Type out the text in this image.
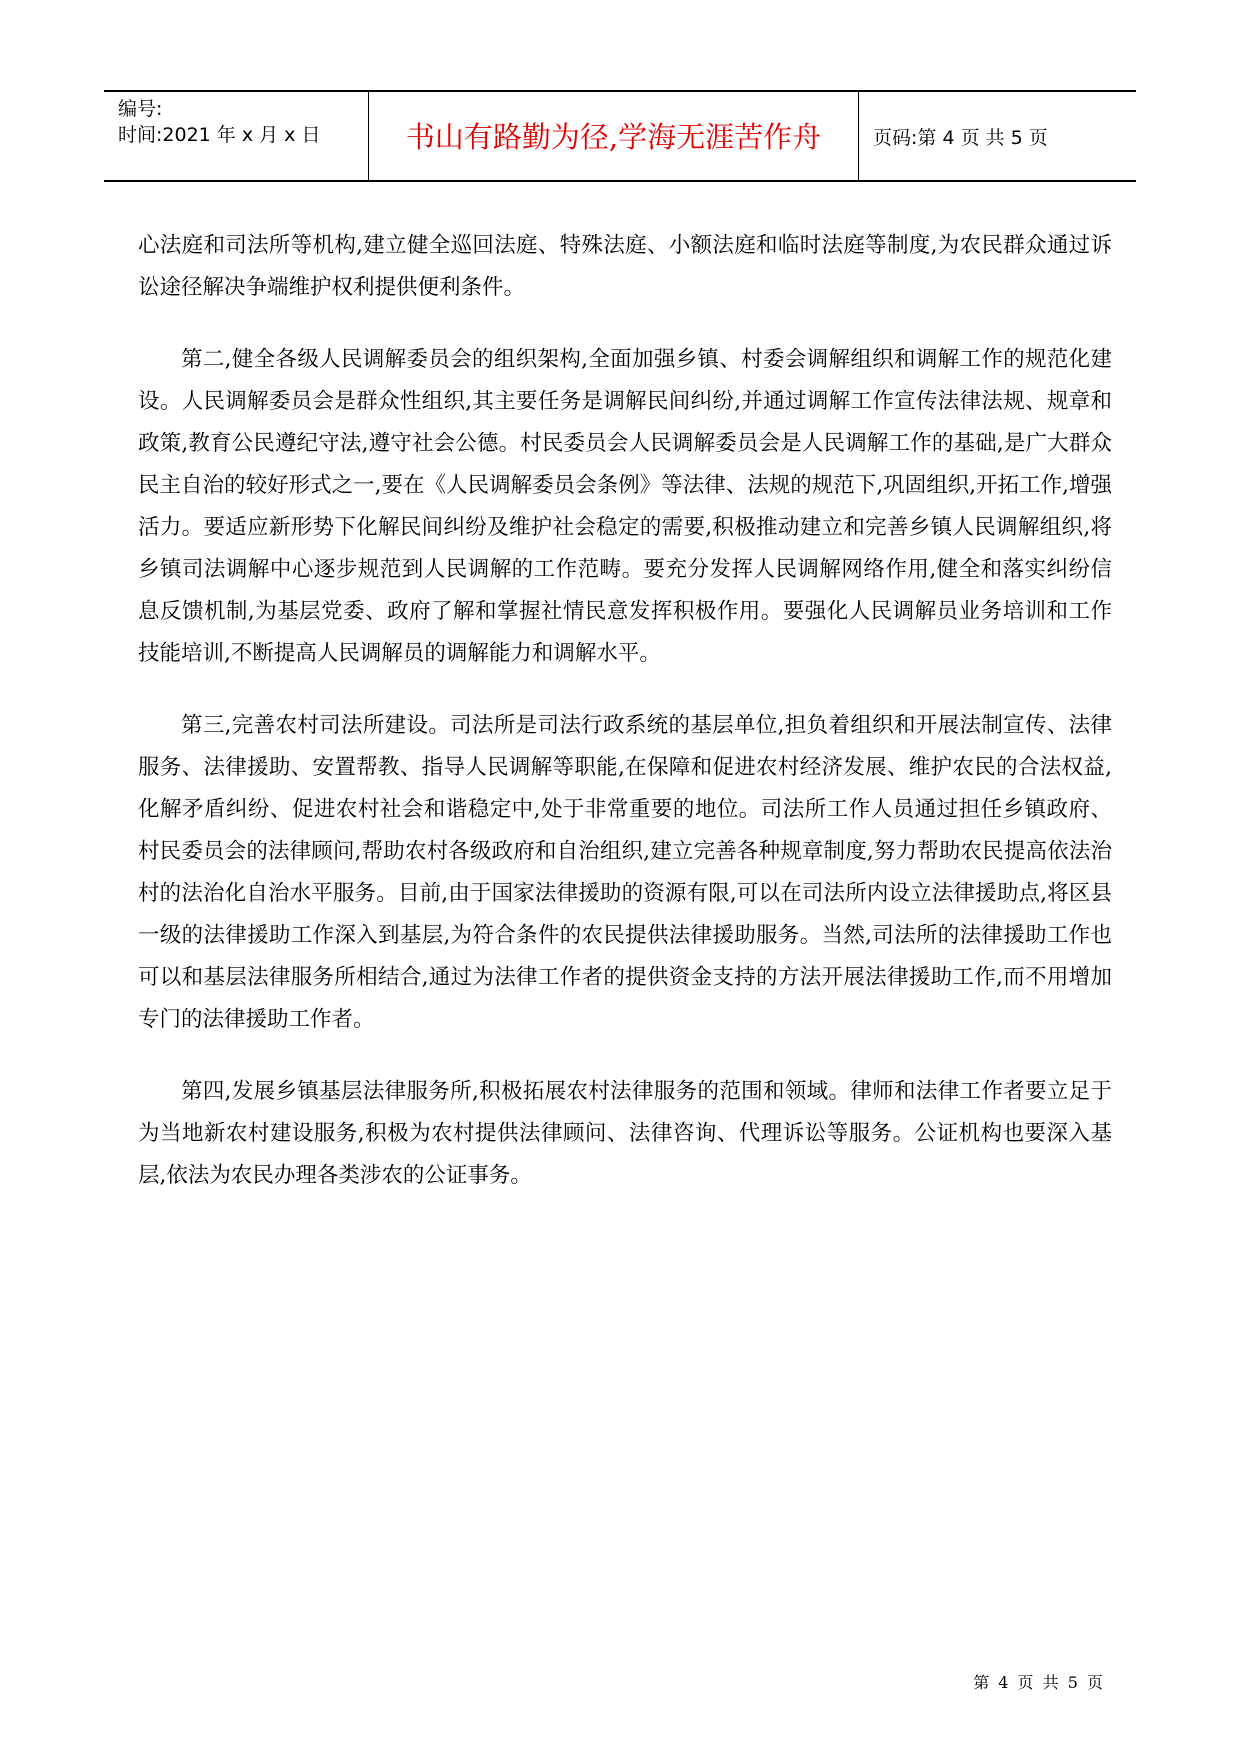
编号:
时间:2021 年 x 月 x 日	书山有路勤为径,学海无涯苦作舟	页码:第 4 页 共 5 页

心法庭和司法所等机构,建立健全巡回法庭、特殊法庭、小额法庭和临时法庭等制度,为农民群众通过诉讼途径解决争端维护权利提供便利条件。

第二,健全各级人民调解委员会的组织架构,全面加强乡镇、村委会调解组织和调解工作的规范化建设。人民调解委员会是群众性组织,其主要任务是调解民间纠纷,并通过调解工作宣传法律法规、规章和政策,教育公民遵纪守法,遵守社会公德。村民委员会人民调解委员会是人民调解工作的基础,是广大群众民主自治的较好形式之一,要在《人民调解委员会条例》等法律、法规的规范下,巩固组织,开拓工作,增强活力。要适应新形势下化解民间纠纷及维护社会稳定的需要,积极推动建立和完善乡镇人民调解组织,将乡镇司法调解中心逐步规范到人民调解的工作范畴。要充分发挥人民调解网络作用,健全和落实纠纷信息反馈机制,为基层党委、政府了解和掌握社情民意发挥积极作用。要强化人民调解员业务培训和工作技能培训,不断提高人民调解员的调解能力和调解水平。

第三,完善农村司法所建设。司法所是司法行政系统的基层单位,担负着组织和开展法制宣传、法律服务、法律援助、安置帮教、指导人民调解等职能,在保障和促进农村经济发展、维护农民的合法权益,化解矛盾纠纷、促进农村社会和谐稳定中,处于非常重要的地位。司法所工作人员通过担任乡镇政府、村民委员会的法律顾问,帮助农村各级政府和自治组织,建立完善各种规章制度,努力帮助农民提高依法治村的法治化自治水平服务。目前,由于国家法律援助的资源有限,可以在司法所内设立法律援助点,将区县一级的法律援助工作深入到基层,为符合条件的农民提供法律援助服务。当然,司法所的法律援助工作也可以和基层法律服务所相结合,通过为法律工作者的提供资金支持的方法开展法律援助工作,而不用增加专门的法律援助工作者。

第四,发展乡镇基层法律服务所,积极拓展农村法律服务的范围和领域。律师和法律工作者要立足于为当地新农村建设服务,积极为农村提供法律顾问、法律咨询、代理诉讼等服务。公证机构也要深入基层,依法为农民办理各类涉农的公证事务。

第 4 页 共 5 页
